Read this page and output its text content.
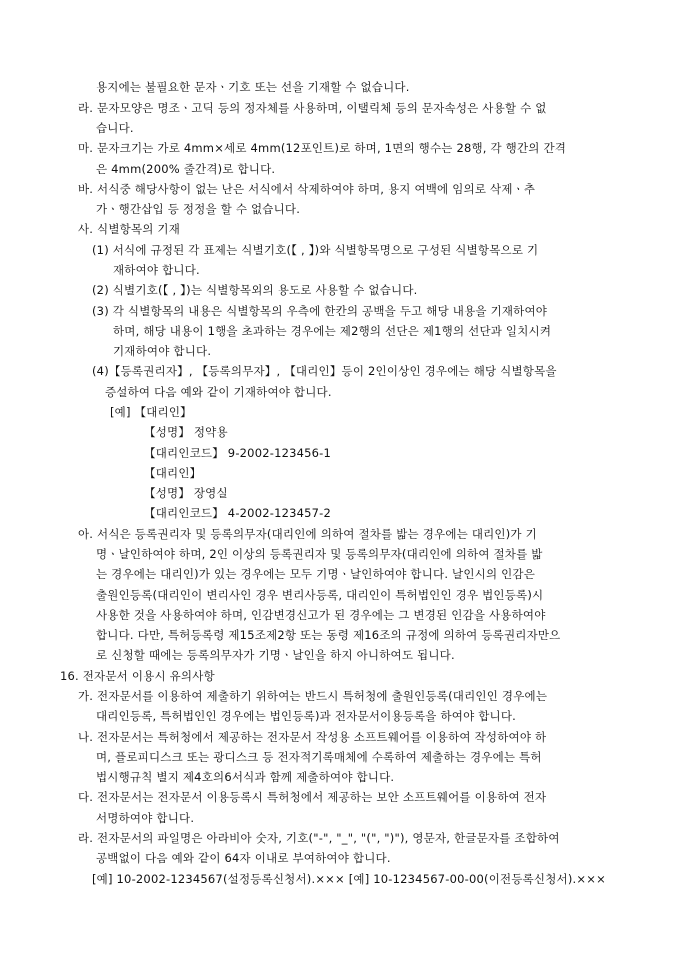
용지에는 불필요한 문자ㆍ기호 또는 선을 기재할 수 없습니다.
라. 문자모양은 명조ㆍ고딕 등의 정자체를 사용하며, 이탤릭체 등의 문자속성은 사용할 수 없
습니다.
마. 문자크기는 가로 4mm×세로 4mm(12포인트)로 하며, 1면의 행수는 28행, 각 행간의 간격
은 4mm(200% 줄간격)로 합니다.
바. 서식중 해당사항이 없는 난은 서식에서 삭제하여야 하며, 용지 여백에 임의로 삭제ㆍ추
가ㆍ행간삽입 등 정정을 할 수 없습니다.
사. 식별항목의 기재
(1) 서식에 규정된 각 표제는 식별기호(【 , 】)와 식별항목명으로 구성된 식별항목으로 기
재하여야 합니다.
(2) 식별기호(【 , 】)는 식별항목외의 용도로 사용할 수 없습니다.
(3) 각 식별항목의 내용은 식별항목의 우측에 한칸의 공백을 두고 해당 내용을 기재하여야
하며, 해당 내용이 1행을 초과하는 경우에는 제2행의 선단은 제1행의 선단과 일치시켜
기재하여야 합니다.
(4)【등록권리자】, 【등록의무자】, 【대리인】등이 2인이상인 경우에는 해당 식별항목을
증설하여 다음 예와 같이 기재하여야 합니다.
[예] 【대리인】
【성명】 정약용
【대리인코드】 9-2002-123456-1
【대리인】
【성명】 장영실
【대리인코드】 4-2002-123457-2
아. 서식은 등록권리자 및 등록의무자(대리인에 의하여 절차를 밟는 경우에는 대리인)가 기
명ㆍ날인하여야 하며, 2인 이상의 등록권리자 및 등록의무자(대리인에 의하여 절차를 밟
는 경우에는 대리인)가 있는 경우에는 모두 기명ㆍ날인하여야 합니다. 날인시의 인감은
출원인등록(대리인이 변리사인 경우 변리사등록, 대리인이 특허법인인 경우 법인등록)시
사용한 것을 사용하여야 하며, 인감변경신고가 된 경우에는 그 변경된 인감을 사용하여야
합니다. 다만, 특허등록령 제15조제2항 또는 동령 제16조의 규정에 의하여 등록권리자만으
로 신청할 때에는 등록의무자가 기명ㆍ날인을 하지 아니하여도 됩니다.
16. 전자문서 이용시 유의사항
가. 전자문서를 이용하여 제출하기 위하여는 반드시 특허청에 출원인등록(대리인인 경우에는
대리인등록, 특허법인인 경우에는 법인등록)과 전자문서이용등록을 하여야 합니다.
나. 전자문서는 특허청에서 제공하는 전자문서 작성용 소프트웨어를 이용하여 작성하여야 하
며, 플로피디스크 또는 광디스크 등 전자적기록매체에 수록하여 제출하는 경우에는 특허
법시행규칙 별지 제4호의6서식과 함께 제출하여야 합니다.
다. 전자문서는 전자문서 이용등록시 특허청에서 제공하는 보안 소프트웨어를 이용하여 전자
서명하여야 합니다.
라. 전자문서의 파일명은 아라비아 숫자, 기호("-", "_", "(", ")"), 영문자, 한글문자를 조합하여
공백없이 다음 예와 같이 64자 이내로 부여하여야 합니다.
[예] 10-2002-1234567(설정등록신청서).××× [예] 10-1234567-00-00(이전등록신청서).×××
